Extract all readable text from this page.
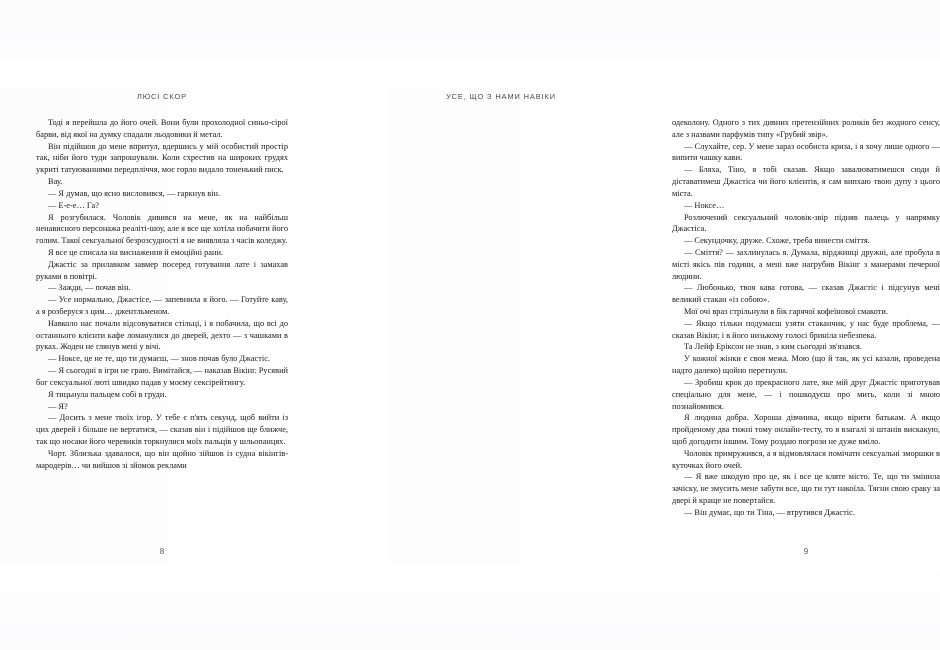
ЛЮСІ СКОР

Тоді я перейшла до його очей. Вони були прохолодної синьо-сірої барви, від якої на думку спадали льодовики й метал.

Він підійшов до мене впритул, вдершись у мій особистий простір так, ніби його туди запрошували. Коли схрестив на широких грудях укриті татуюваннями передпліччя, моє горло видало тоненький писк.

Вау.

— Я думав, що ясно висловився, — гаркнув він.

— Е-е-е… Га?

Я розгубилася. Чоловік дивився на мене, як на найбільш ненависного персонажа реаліті-шоу, але я все ще хотіла побачити його голим. Такої сексуальної безрозсудності я не виявляла з часів коледжу.

Я все це списала на виснаження й емоційні рани.

Джастіс за прилавком завмер посеред готування лате і замахав руками в повітрі.

— Зажди, — почав він.

— Усе нормально, Джастісе, — запевнила я його. — Готуйте каву, а я розберуся з цим… джентльменом.

Навколо нас почали відсовуватися стільці, і я побачила, що всі до останнього клієнти кафе ломанулися до дверей, дехто — з чашками в руках. Жоден не глянув мені у вічі.

— Ноксе, це не те, що ти думаєш, — знов почав було Джастіс.

— Я сьогодні в ігри не граю. Вимітайся, — наказав Вікінг. Русявий бог сексуальної люті швидко падав у моєму сексірейтингу.

Я тицьнула пальцем собі в груди.

— Я?

— Досить з мене твоїх ігор. У тебе є п'ять секунд, щоб вийти із цих дверей і більше не вертатися, — сказав він і підійшов ще ближче, так що носаки його черевиків торкнулися моїх пальців у шльопанцях.

Чорт. Зблизька здавалося, що він щойно зійшов із судна вікінгів-мародерів… чи вийшов зі зйомок реклами

8
УСЕ, ЩО З НАМИ НАВІКИ

одеколону. Одного з тих дивних претензійних роликів без жодного сенсу, але з назвами парфумів типу «Грубий звір».

— Слухайте, сер. У мене зараз особиста криза, і я хочу лише одного — випити чашку кави.

— Бляха, Тіно, я тобі сказав. Якщо завалюватимешся сюди й діставатимеш Джастіса чи його клієнтів, я сам випхаю твою дупу з цього міста.

— Ноксе…

Розлючений сексуальний чоловік-звір підняв палець у напрямку Джастіса.

— Секундочку, друже. Схоже, треба винести сміття.

— Сміття? — захлинулась я. Думала, вірджинці дружні, але пробула в місті якісь пів години, а мені вже нагрубив Вікінг з манерами печерної людини.

— Любонько, твоя кава готова, — сказав Джастіс і підсунув мені великий стакан «із собою».

Мої очі враз стрільнули в бік гарячої кофеїнової смакоти.

— Якщо тільки подумаєш узяти стаканчик, у нас буде проблема, — сказав Вікінг, і в його низькому голосі бриніла небезпека.

Та Лейф Еріксон не знав, з ким сьогодні зв'язався.

У кожної жінки є своя межа. Мою (що й так, як усі казали, проведена надто далеко) щойно перетнули.

— Зробиш крок до прекрасного лате, яке мій друг Джастіс приготував спеціально для мене, — і пошкодуєш про мить, коли зі мною познайомився.

Я людина добра. Хороша дівчинка, якщо вірити батькам. А якщо пройденому два тижні тому онлайн-тесту, то я взагалі зі штанів вискакую, щоб догодити іншим. Тому роздаю погрози не дуже вміло.

Чоловік примружився, а я відмовлялася помічати сексуальні зморшки в куточках його очей.

— Я вже шкодую про це, як і все це кляте місто. Те, що ти змінила зачіску, не змусить мене забути все, що ти тут накоїла. Тягни свою сраку за двері й краще не повертайся.

— Він думає, що ти Тіна, — втрутився Джастіс.

9
